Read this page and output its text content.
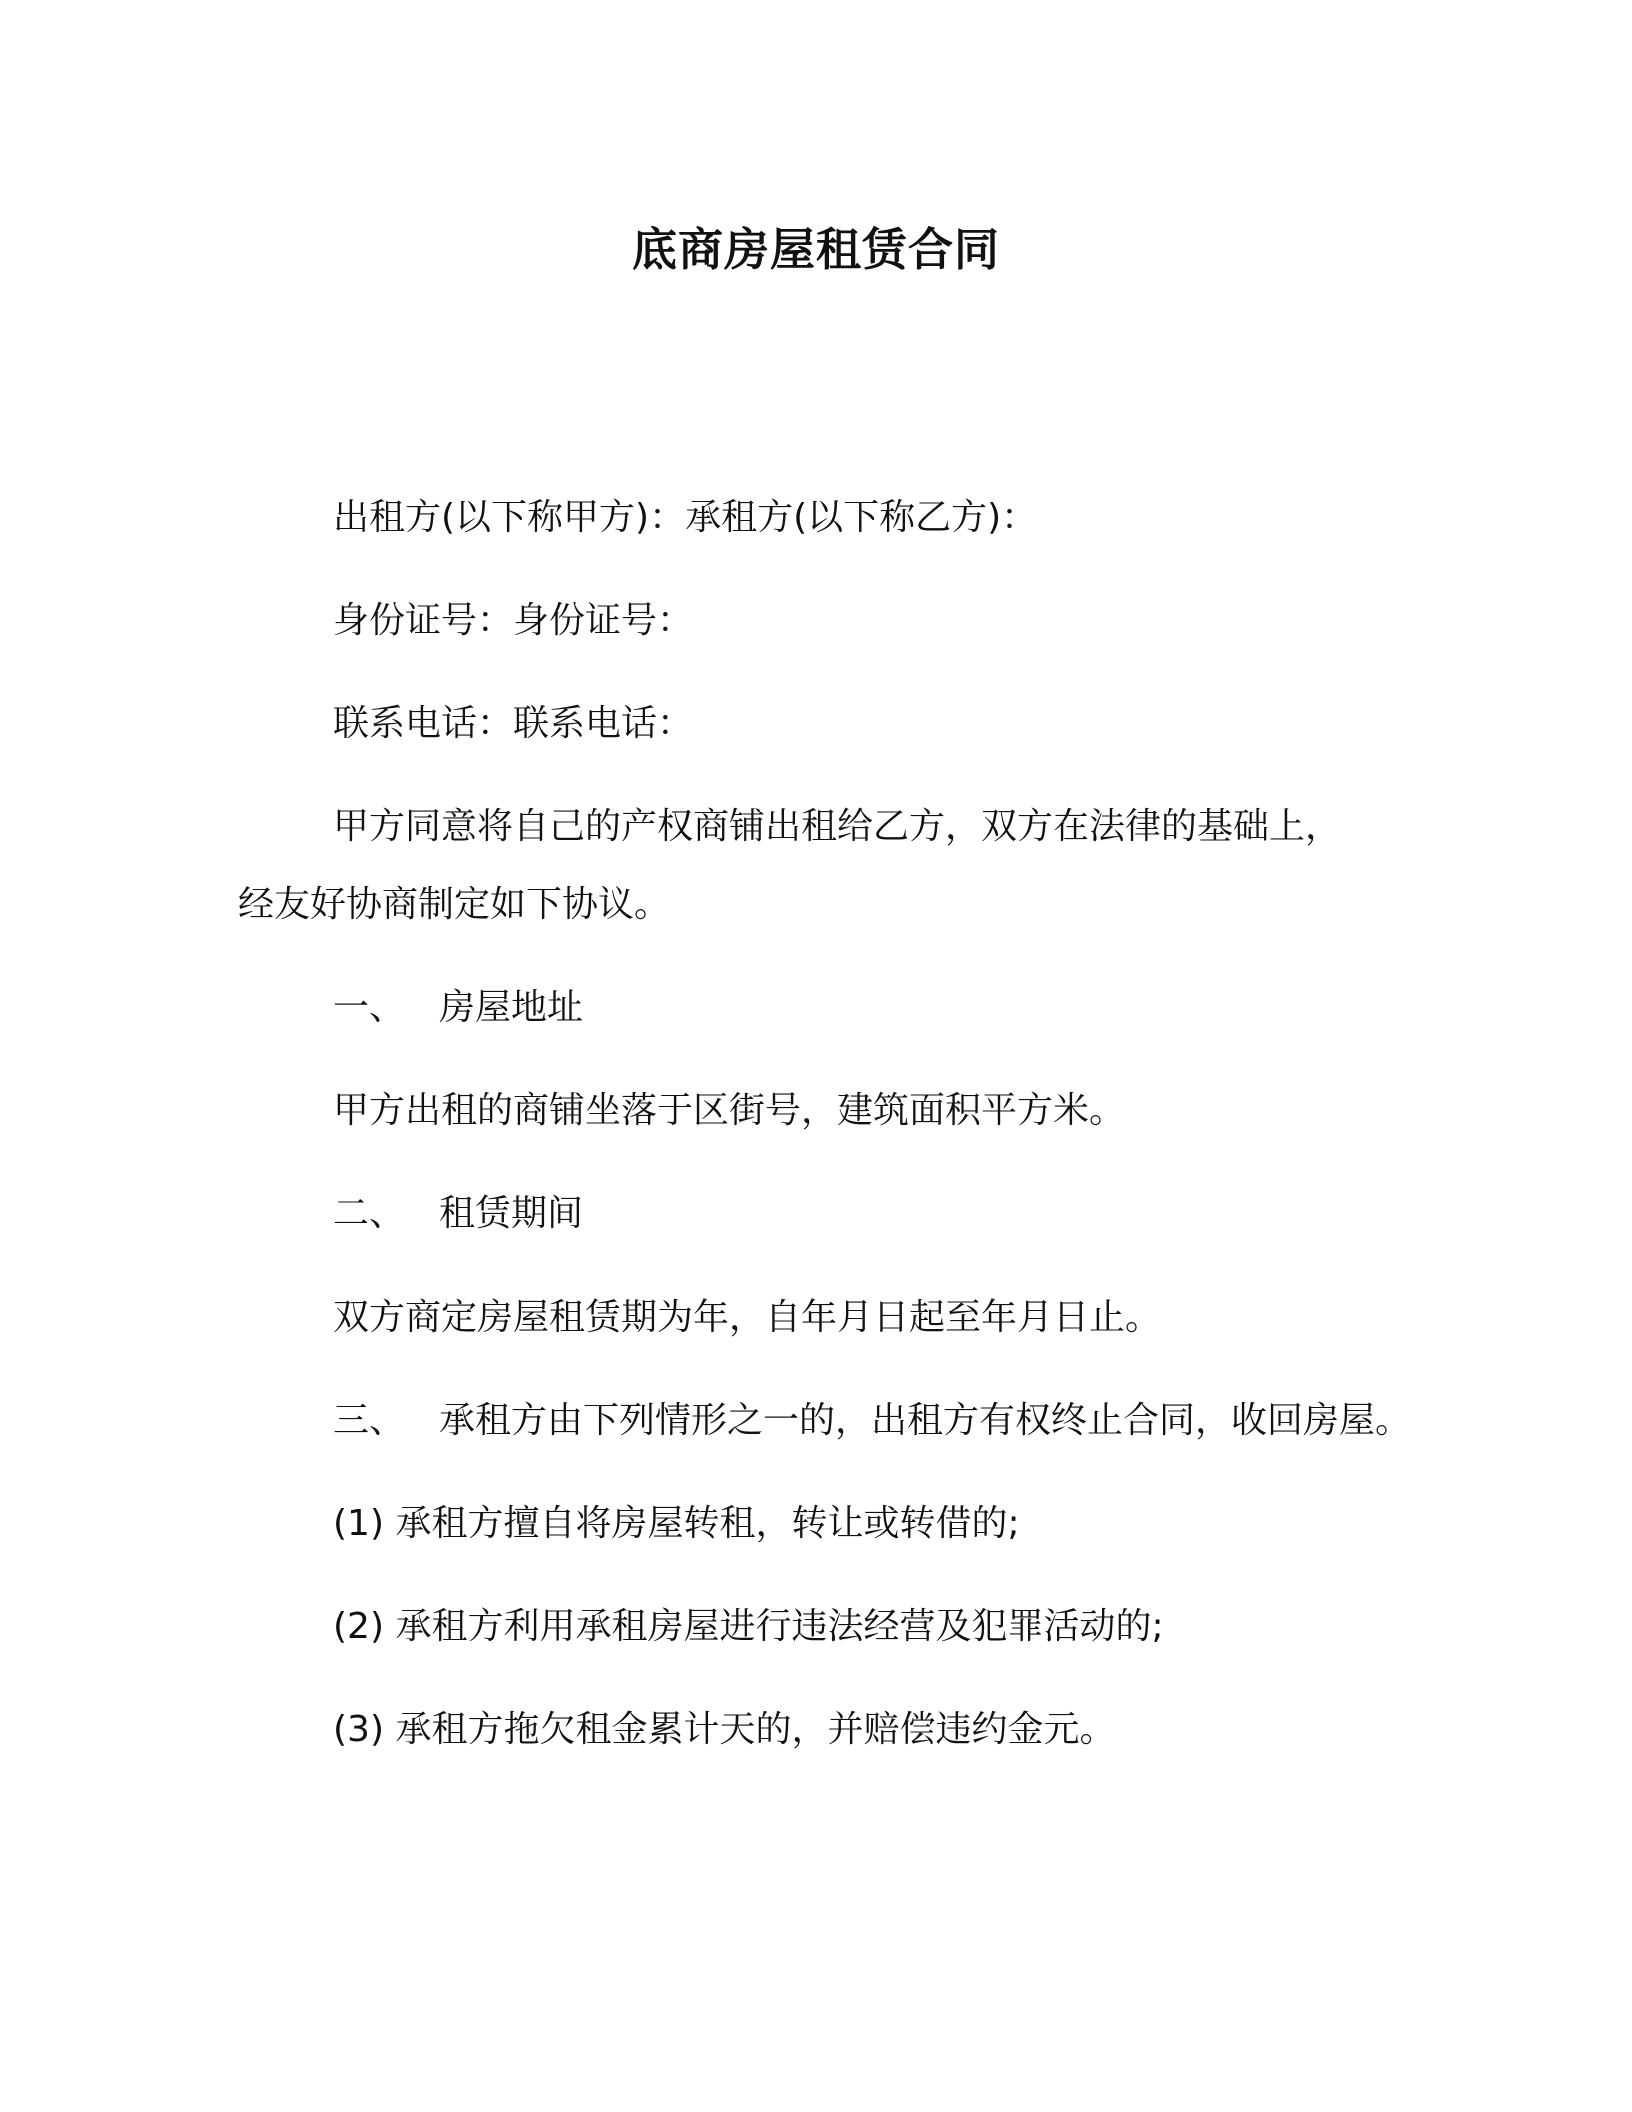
底商房屋租赁合同
出租方(以下称甲方)：承租方(以下称乙方)：
身份证号：身份证号：
联系电话：联系电话：
甲方同意将自己的产权商铺出租给乙方，双方在法律的基础上，
经友好协商制定如下协议。
一、 房屋地址
甲方出租的商铺坐落于区街号，建筑面积平方米。
二、 租赁期间
双方商定房屋租赁期为年，自年月日起至年月日止。
三、 承租方由下列情形之一的，出租方有权终止合同，收回房屋。
(1) 承租方擅自将房屋转租，转让或转借的;
(2) 承租方利用承租房屋进行违法经营及犯罪活动的;
(3) 承租方拖欠租金累计天的，并赔偿违约金元。
